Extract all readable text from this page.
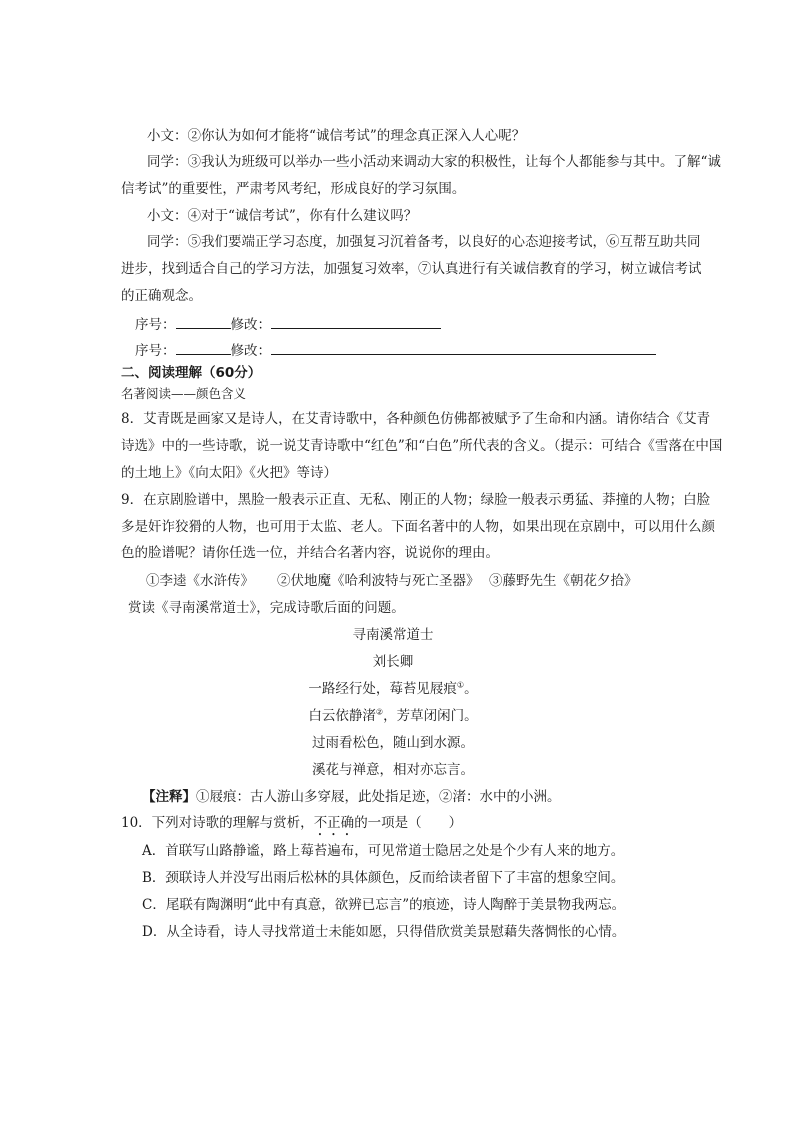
小文：②你认为如何才能将“诚信考试”的理念真正深入人心呢？
同学：③我认为班级可以举办一些小活动来调动大家的积极性，让每个人都能参与其中。了解“诚
信考试”的重要性，严肃考风考纪，形成良好的学习氛围。
小文：④对于“诚信考试”，你有什么建议吗？
同学：⑤我们要端正学习态度，加强复习沉着备考，以良好的心态迎接考试，⑥互帮互助共同
进步，找到适合自己的学习方法，加强复习效率，⑦认真进行有关诚信教育的学习，树立诚信考试
的正确观念。
序号：	修改：
序号：	修改：
二、阅读理解（60分）
名著阅读——颜色含义
8．艾青既是画家又是诗人，在艾青诗歌中，各种颜色仿佛都被赋予了生命和内涵。请你结合《艾青
诗选》中的一些诗歌，说一说艾青诗歌中“红色”和“白色”所代表的含义。（提示：可结合《雪落在中国
的土地上》《向太阳》《火把》等诗）
9．在京剧脸谱中，黑脸一般表示正直、无私、刚正的人物；绿脸一般表示勇猛、莽撞的人物；白脸
多是奸诈狡猾的人物，也可用于太监、老人。下面名著中的人物，如果出现在京剧中，可以用什么颜
色的脸谱呢？请你任选一位，并结合名著内容，说说你的理由。
①李逵《水浒传》 ②伏地魔《哈利波特与死亡圣器》 ③藤野先生《朝花夕拾》
赏读《寻南溪常道士》，完成诗歌后面的问题。
寻南溪常道士
刘长卿
一路经行处，莓苔见屐痕①。
白云依静渚②，芳草闭闲门。
过雨看松色，随山到水源。
溪花与禅意，相对亦忘言。
【注释】①屐痕：古人游山多穿屐，此处指足迹，②渚：水中的小洲。
10．下列对诗歌的理解与赏析，不正确的一项是（　　）
A．首联写山路静谧，路上莓苔遍布，可见常道士隐居之处是个少有人来的地方。
B．颈联诗人并没写出雨后松林的具体颜色，反而给读者留下了丰富的想象空间。
C．尾联有陶渊明“此中有真意，欲辨已忘言”的痕迹，诗人陶醉于美景物我两忘。
D．从全诗看，诗人寻找常道士未能如愿，只得借欣赏美景慰藉失落惆怅的心情。
